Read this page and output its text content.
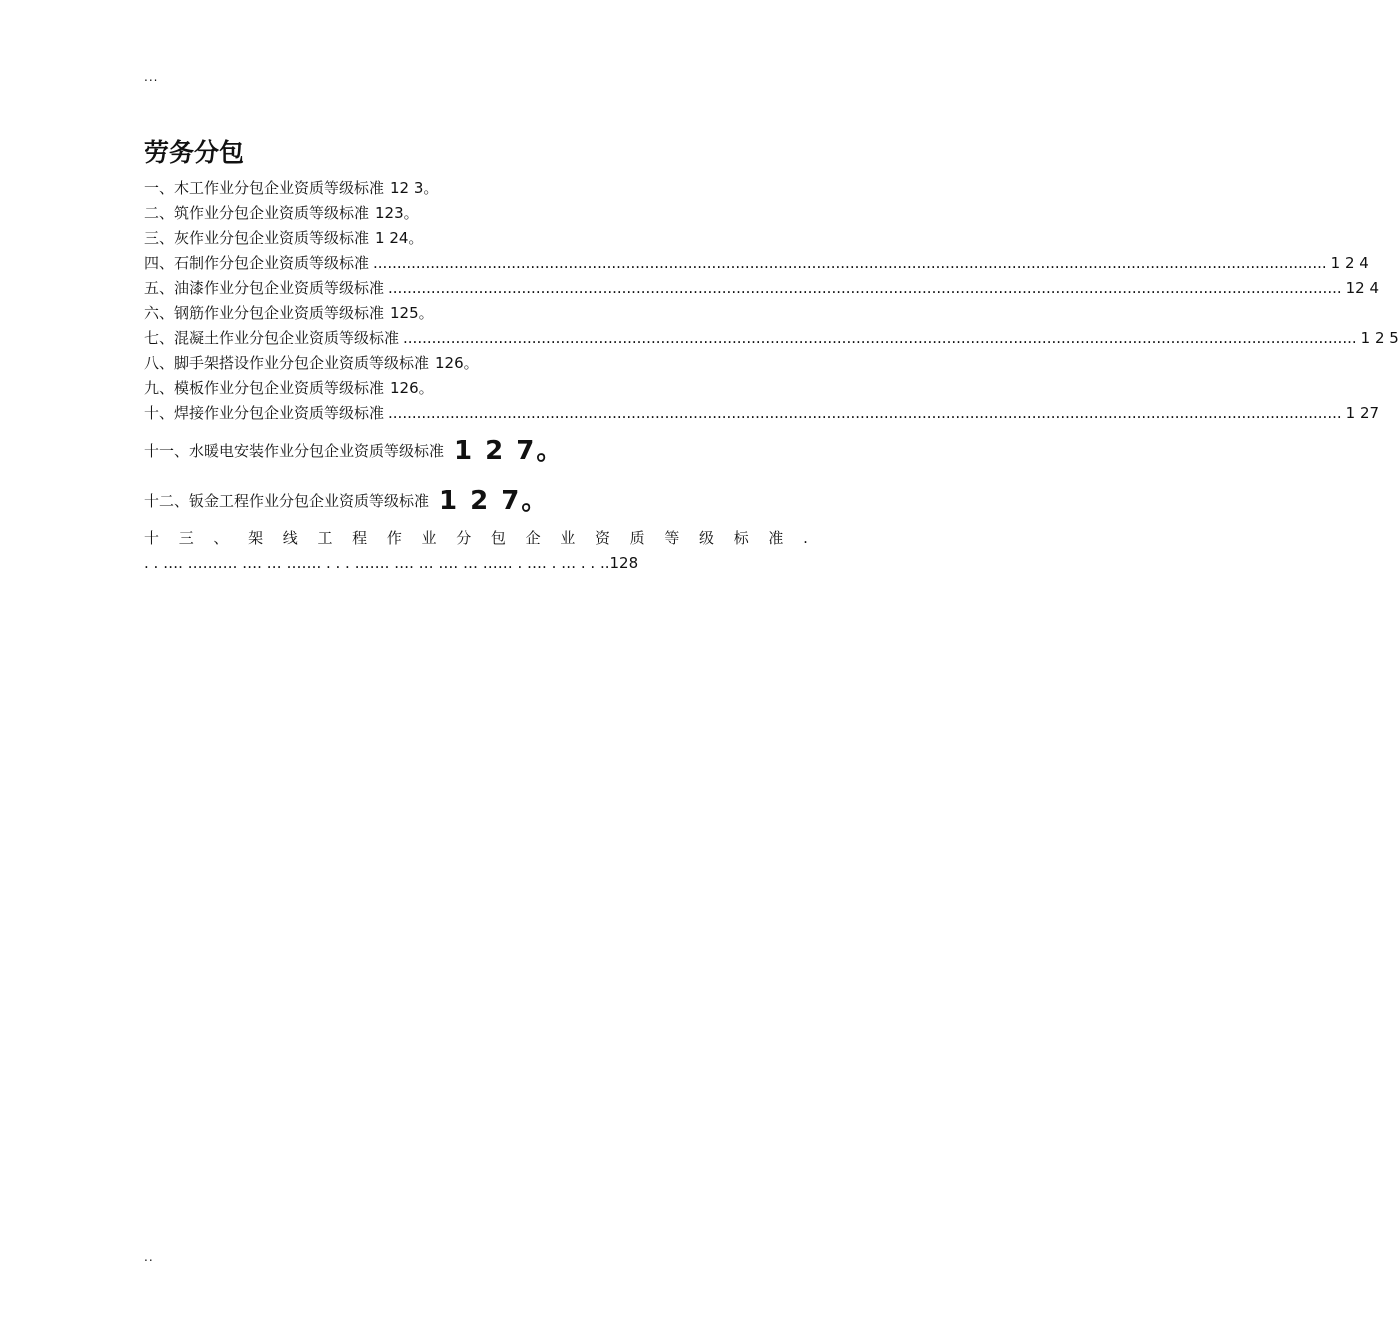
...
劳务分包
一、木工作业分包企业资质等级标准 12 3。
二、筑作业分包企业资质等级标准 123。
三、灰作业分包企业资质等级标准 1 24。
四、石制作分包企业资质等级标准 ........................................................................................................................................................................................................ 1 2 4
五、油漆作业分包企业资质等级标准 ........................................................................................................................................................................................................ 12 4
六、钢筋作业分包企业资质等级标准 125。
七、混凝土作业分包企业资质等级标准 ........................................................................................................................................................................................................ 1 2 5
八、脚手架搭设作业分包企业资质等级标准 126。
九、模板作业分包企业资质等级标准 126。
十、焊接作业分包企业资质等级标准 ........................................................................................................................................................................................................ 1 27
十一、水暖电安装作业分包企业资质等级标准 1 2 7。
十二、钣金工程作业分包企业资质等级标准 1 2 7。
十 三 、 架 线 工 程 作 业 分 包 企 业 资 质 等 级 标 准 .
. . …. ………. …. … ……. . . . ……. …. … …. … …… . …. . … . . ..128
..
